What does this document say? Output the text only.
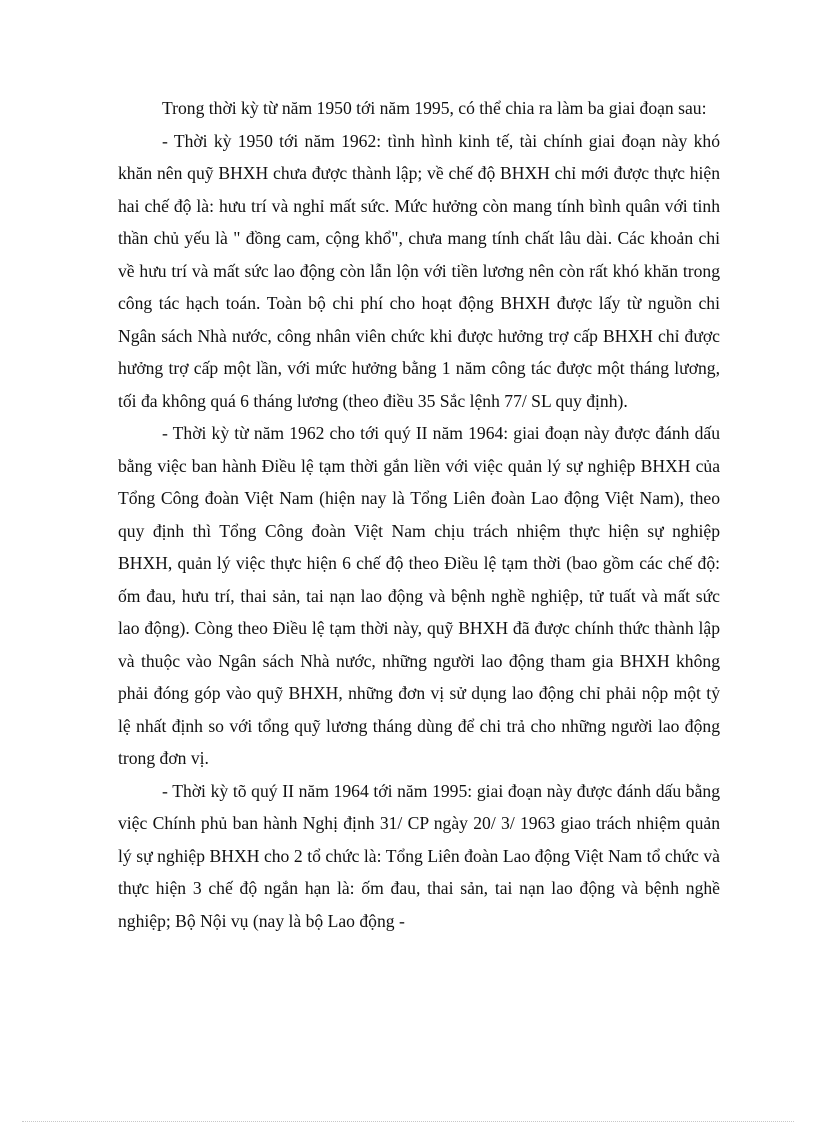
Trong thời kỳ từ năm 1950 tới năm 1995, có thể chia ra làm ba giai đoạn sau:

- Thời kỳ 1950 tới năm 1962: tình hình kinh tế, tài chính giai đoạn này khó khăn nên quỹ BHXH chưa được thành lập; về chế độ BHXH chỉ mới được thực hiện hai chế độ là: hưu trí và nghỉ mất sức. Mức hưởng còn mang tính bình quân với tinh thần chủ yếu là " đồng cam, cộng khổ", chưa mang tính chất lâu dài. Các khoản chi về hưu trí và mất sức lao động còn lẫn lộn với tiền lương nên còn rất khó khăn trong công tác hạch toán. Toàn bộ chi phí cho hoạt động BHXH được lấy từ nguồn chi Ngân sách Nhà nước, công nhân viên chức khi được hưởng trợ cấp BHXH chỉ được hưởng trợ cấp một lần, với mức hưởng bằng 1 năm công tác được một tháng lương, tối đa không quá 6 tháng lương (theo điều 35 Sắc lệnh 77/ SL quy định).

- Thời kỳ từ năm 1962 cho tới quý II năm 1964: giai đoạn này được đánh dấu bằng việc ban hành Điều lệ tạm thời gắn liền với việc quản lý sự nghiệp BHXH của Tổng Công đoàn Việt Nam (hiện nay là Tổng Liên đoàn Lao động Việt Nam), theo quy định thì Tổng Công đoàn Việt Nam chịu trách nhiệm thực hiện sự nghiệp BHXH, quản lý việc thực hiện 6 chế độ theo Điều lệ tạm thời (bao gồm các chế độ: ốm đau, hưu trí, thai sản, tai nạn lao động và bệnh nghề nghiệp, tử tuất và mất sức lao động). Còng theo Điều lệ tạm thời này, quỹ BHXH đã được chính thức thành lập và thuộc vào Ngân sách Nhà nước, những người lao động tham gia BHXH không phải đóng góp vào quỹ BHXH, những đơn vị sử dụng lao động chỉ phải nộp một tỷ lệ nhất định so với tổng quỹ lương tháng dùng để chi trả cho những người lao động trong đơn vị.

- Thời kỳ tõ quý II năm 1964 tới năm 1995: giai đoạn này được đánh dấu bằng việc Chính phủ ban hành Nghị định 31/ CP ngày 20/ 3/ 1963 giao trách nhiệm quản lý sự nghiệp BHXH cho 2 tổ chức là: Tổng Liên đoàn Lao động Việt Nam tổ chức và thực hiện 3 chế độ ngắn hạn là: ốm đau, thai sản, tai nạn lao động và bệnh nghề nghiệp; Bộ Nội vụ (nay là bộ Lao động -
